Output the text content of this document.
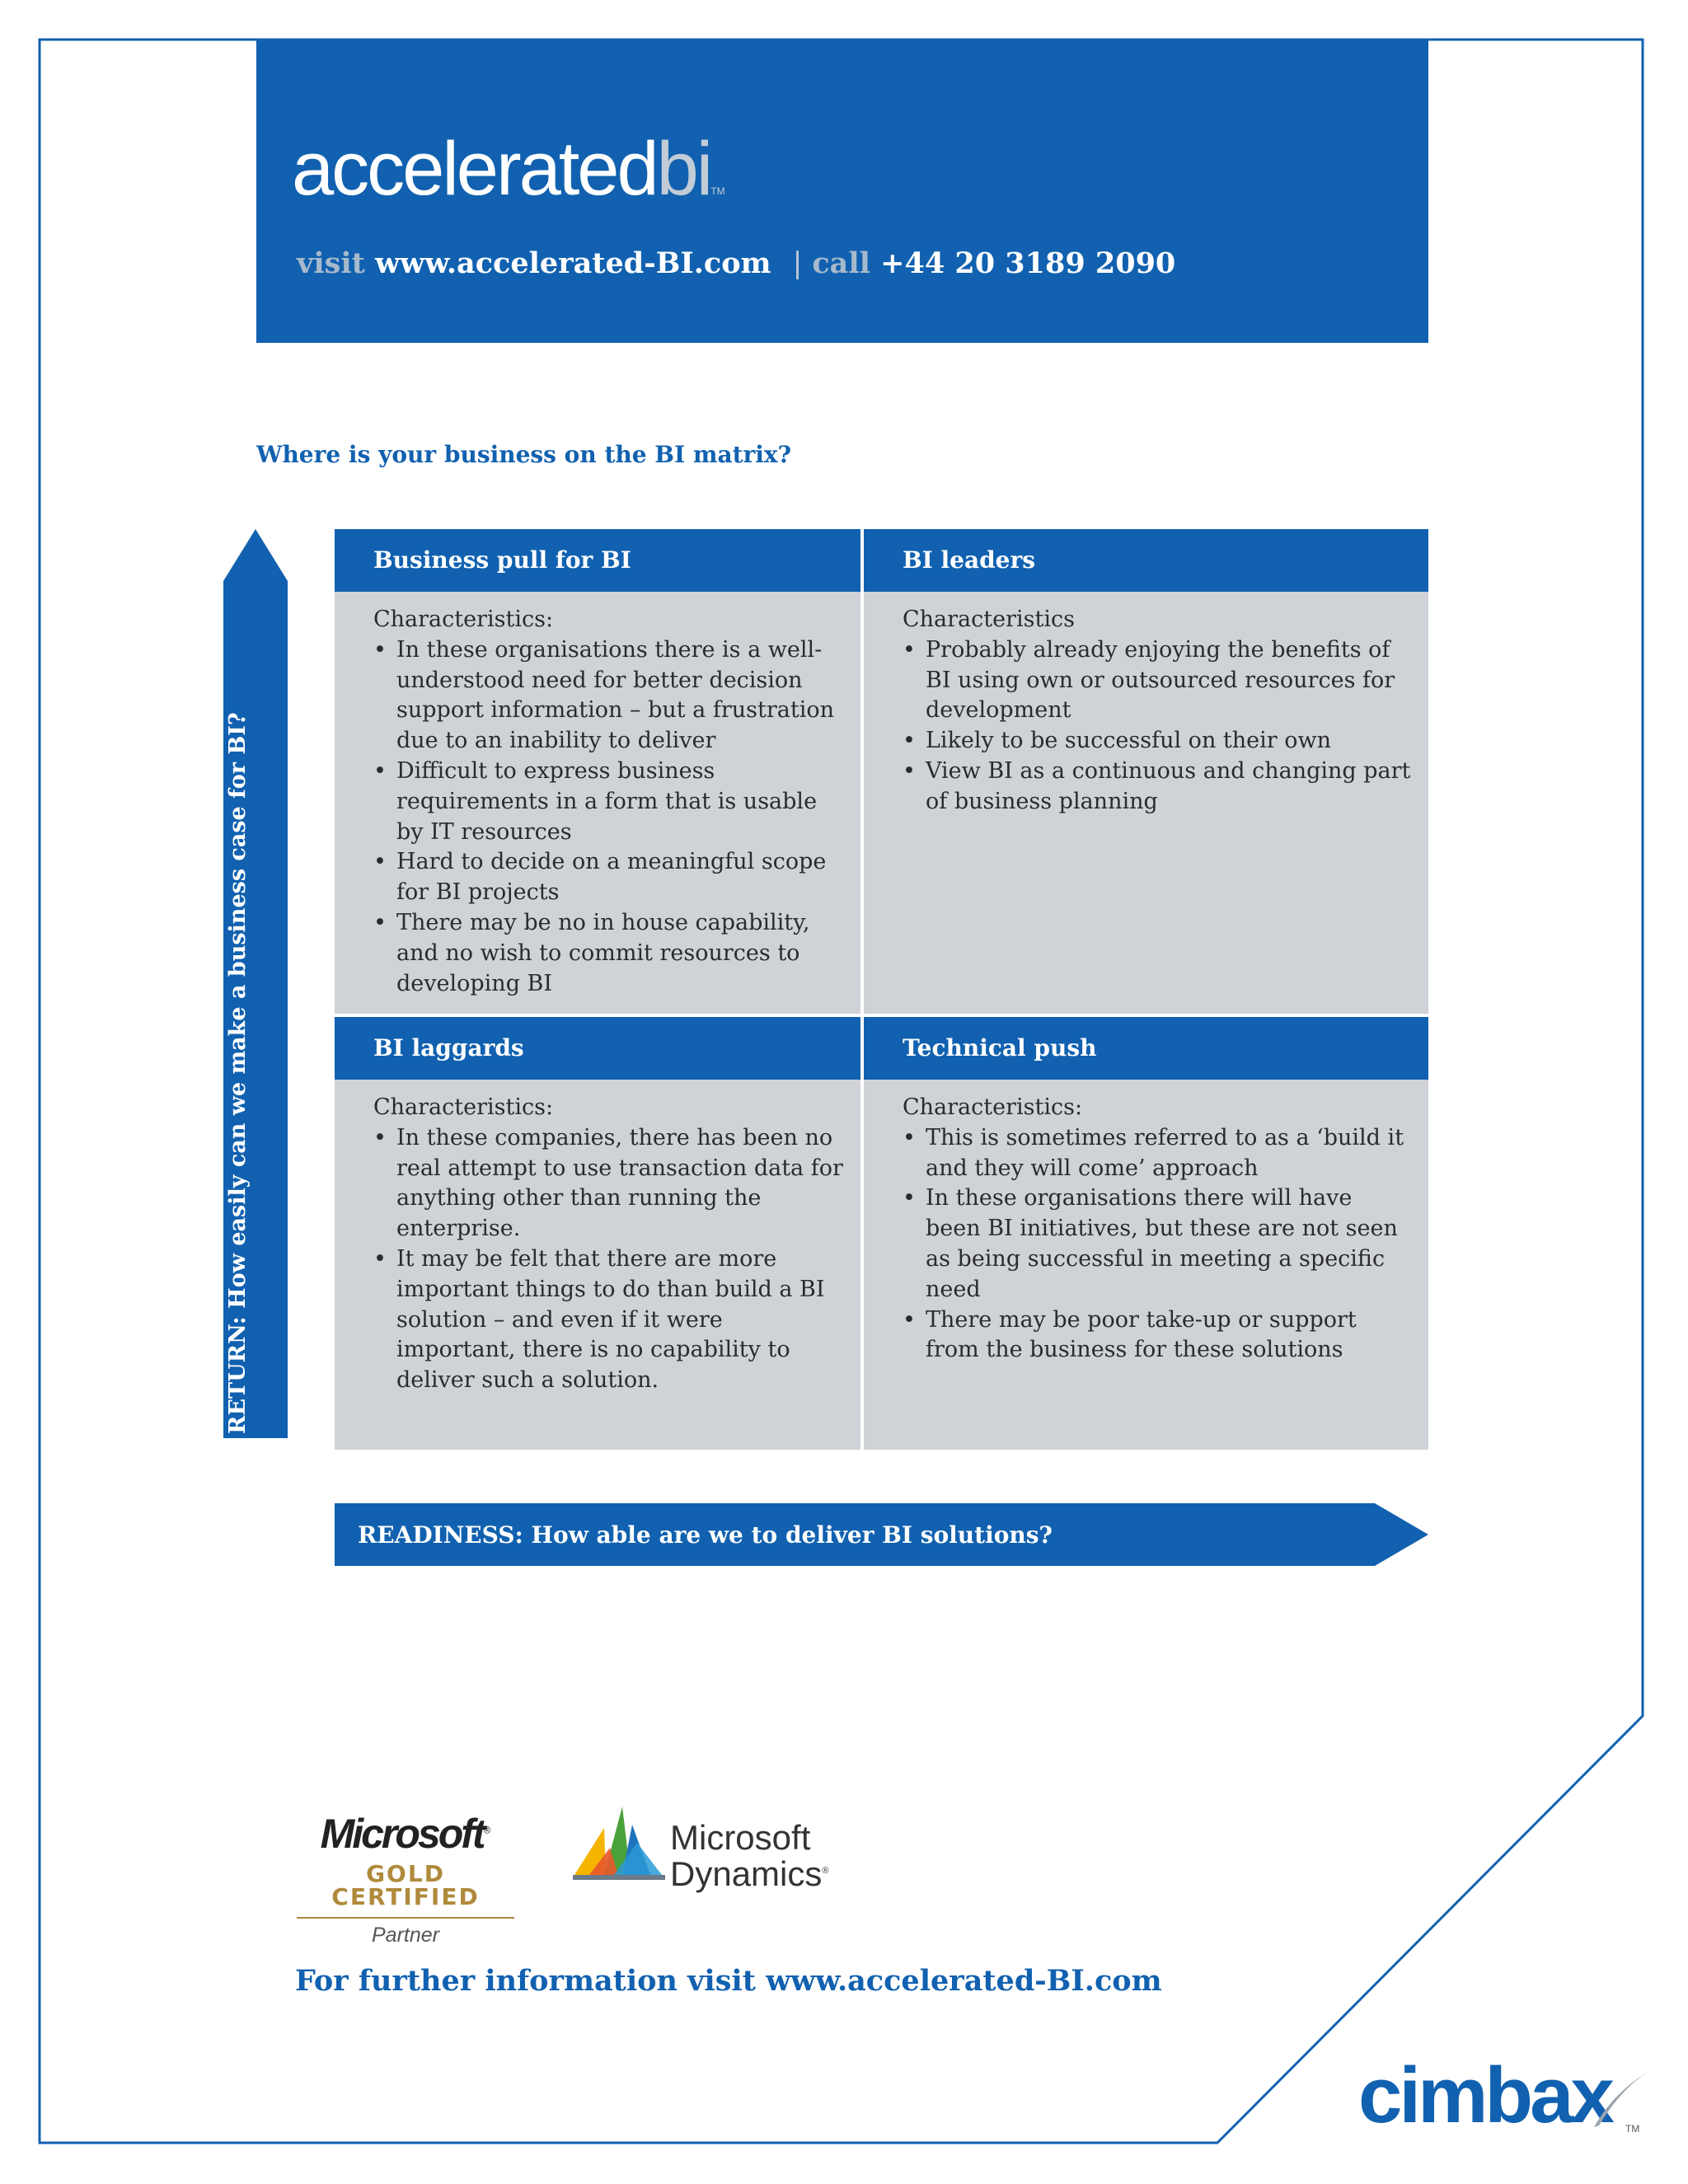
acceleratedbiTM
visit www.accelerated-BI.com | call +44 20 3189 2090
Where is your business on the BI matrix?
RETURN: How easily can we make a business case for BI?
READINESS: How able are we to deliver BI solutions?
Business pull for BI
Characteristics:
• In these organisations there is a well-understood need for better decision support information – but a frustration due to an inability to deliver
• Difficult to express business requirements in a form that is usable by IT resources
• Hard to decide on a meaningful scope for BI projects
• There may be no in house capability, and no wish to commit resources to developing BI
BI leaders
Characteristics
• Probably already enjoying the benefits of BI using own or outsourced resources for development
• Likely to be successful on their own
• View BI as a continuous and changing part of business planning
BI laggards
Characteristics:
• In these companies, there has been no real attempt to use transaction data for anything other than running the enterprise.
• It may be felt that there are more important things to do than build a BI solution – and even if it were important, there is no capability to deliver such a solution.
Technical push
Characteristics:
• This is sometimes referred to as a ‘build it and they will come’ approach
• In these organisations there will have been BI initiatives, but these are not seen as being successful in meeting a specific need
• There may be poor take-up or support from the business for these solutions
Microsoft®
GOLD CERTIFIED
Partner
Microsoft
Dynamics®
For further information visit www.accelerated-BI.com
cimbax TM
